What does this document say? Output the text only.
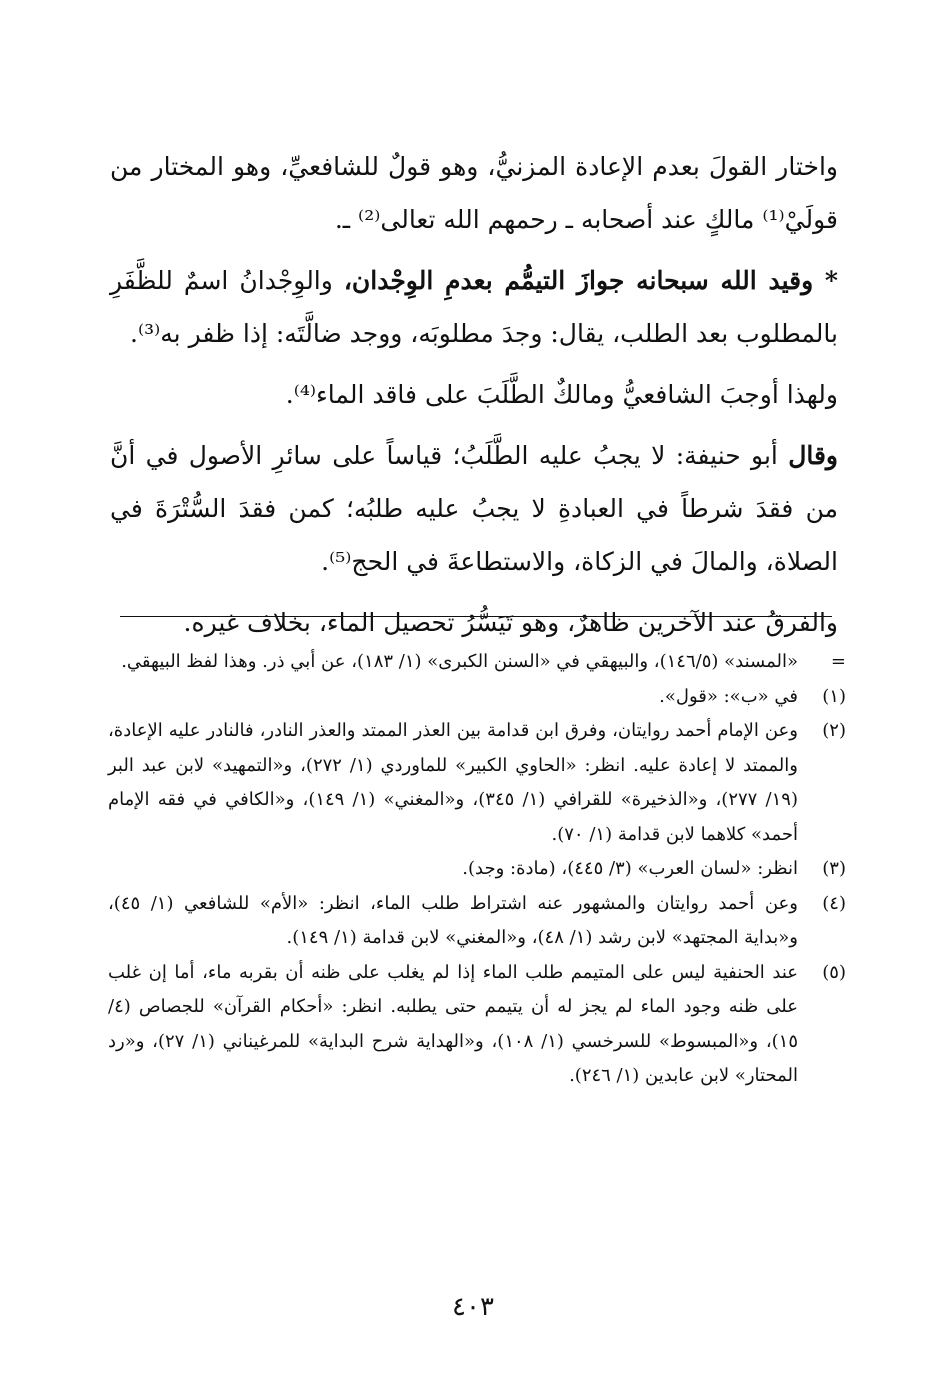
واختار القولَ بعدم الإعادة المزنيُّ، وهو قولٌ للشافعيِّ، وهو المختار من قولَيْ⁽¹⁾ مالكٍ عند أصحابه ـ رحمهم الله تعالى⁽²⁾ ـ.

* وقيد الله سبحانه جوازَ التيمُّم بعدمِ الوِجْدان، والوِجْدانُ اسمٌ للظَّفَرِ بالمطلوب بعد الطلب، يقال: وجدَ مطلوبَه، ووجد ضالَّتَه: إذا ظفر به⁽³⁾.

ولهذا أوجبَ الشافعيُّ ومالكٌ الطَّلَبَ على فاقد الماء⁽⁴⁾.

وقال أبو حنيفة: لا يجبُ عليه الطَّلَبُ؛ قياساً على سائرِ الأصول في أنَّ من فقدَ شرطاً في العبادةِ لا يجبُ عليه طلبُه؛ كمن فقدَ السُّتْرَةَ في الصلاة، والمالَ في الزكاة، والاستطاعةَ في الحج⁽⁵⁾.

والفرقُ عند الآخرين ظاهرٌ، وهو تَيَسُّرُ تحصيل الماء، بخلاف غيره.

=
«المسند» (١٤٦/٥)، والبيهقي في «السنن الكبرى» (١/ ١٨٣)، عن أبي ذر. وهذا لفظ البيهقي.
(١)
في «ب»: «قول».
(٢)
وعن الإمام أحمد روايتان، وفرق ابن قدامة بين العذر الممتد والعذر النادر، فالنادر عليه الإعادة، والممتد لا إعادة عليه. انظر: «الحاوي الكبير» للماوردي (١/ ٢٧٢)، و«التمهيد» لابن عبد البر (١٩/ ٢٧٧)، و«الذخيرة» للقرافي (١/ ٣٤٥)، و«المغني» (١/ ١٤٩)، و«الكافي في فقه الإمام أحمد» كلاهما لابن قدامة (١/ ٧٠).
(٣)
انظر: «لسان العرب» (٣/ ٤٤٥)، (مادة: وجد).
(٤)
وعن أحمد روايتان والمشهور عنه اشتراط طلب الماء، انظر: «الأم» للشافعي (١/ ٤٥)، و«بداية المجتهد» لابن رشد (١/ ٤٨)، و«المغني» لابن قدامة (١/ ١٤٩).
(٥)
عند الحنفية ليس على المتيمم طلب الماء إذا لم يغلب على ظنه أن بقربه ماء، أما إن غلب على ظنه وجود الماء لم يجز له أن يتيمم حتى يطلبه. انظر: «أحكام القرآن» للجصاص (٤/ ١٥)، و«المبسوط» للسرخسي (١/ ١٠٨)، و«الهداية شرح البداية» للمرغيناني (١/ ٢٧)، و«رد المحتار» لابن عابدين (١/ ٢٤٦).
٤٠٣
